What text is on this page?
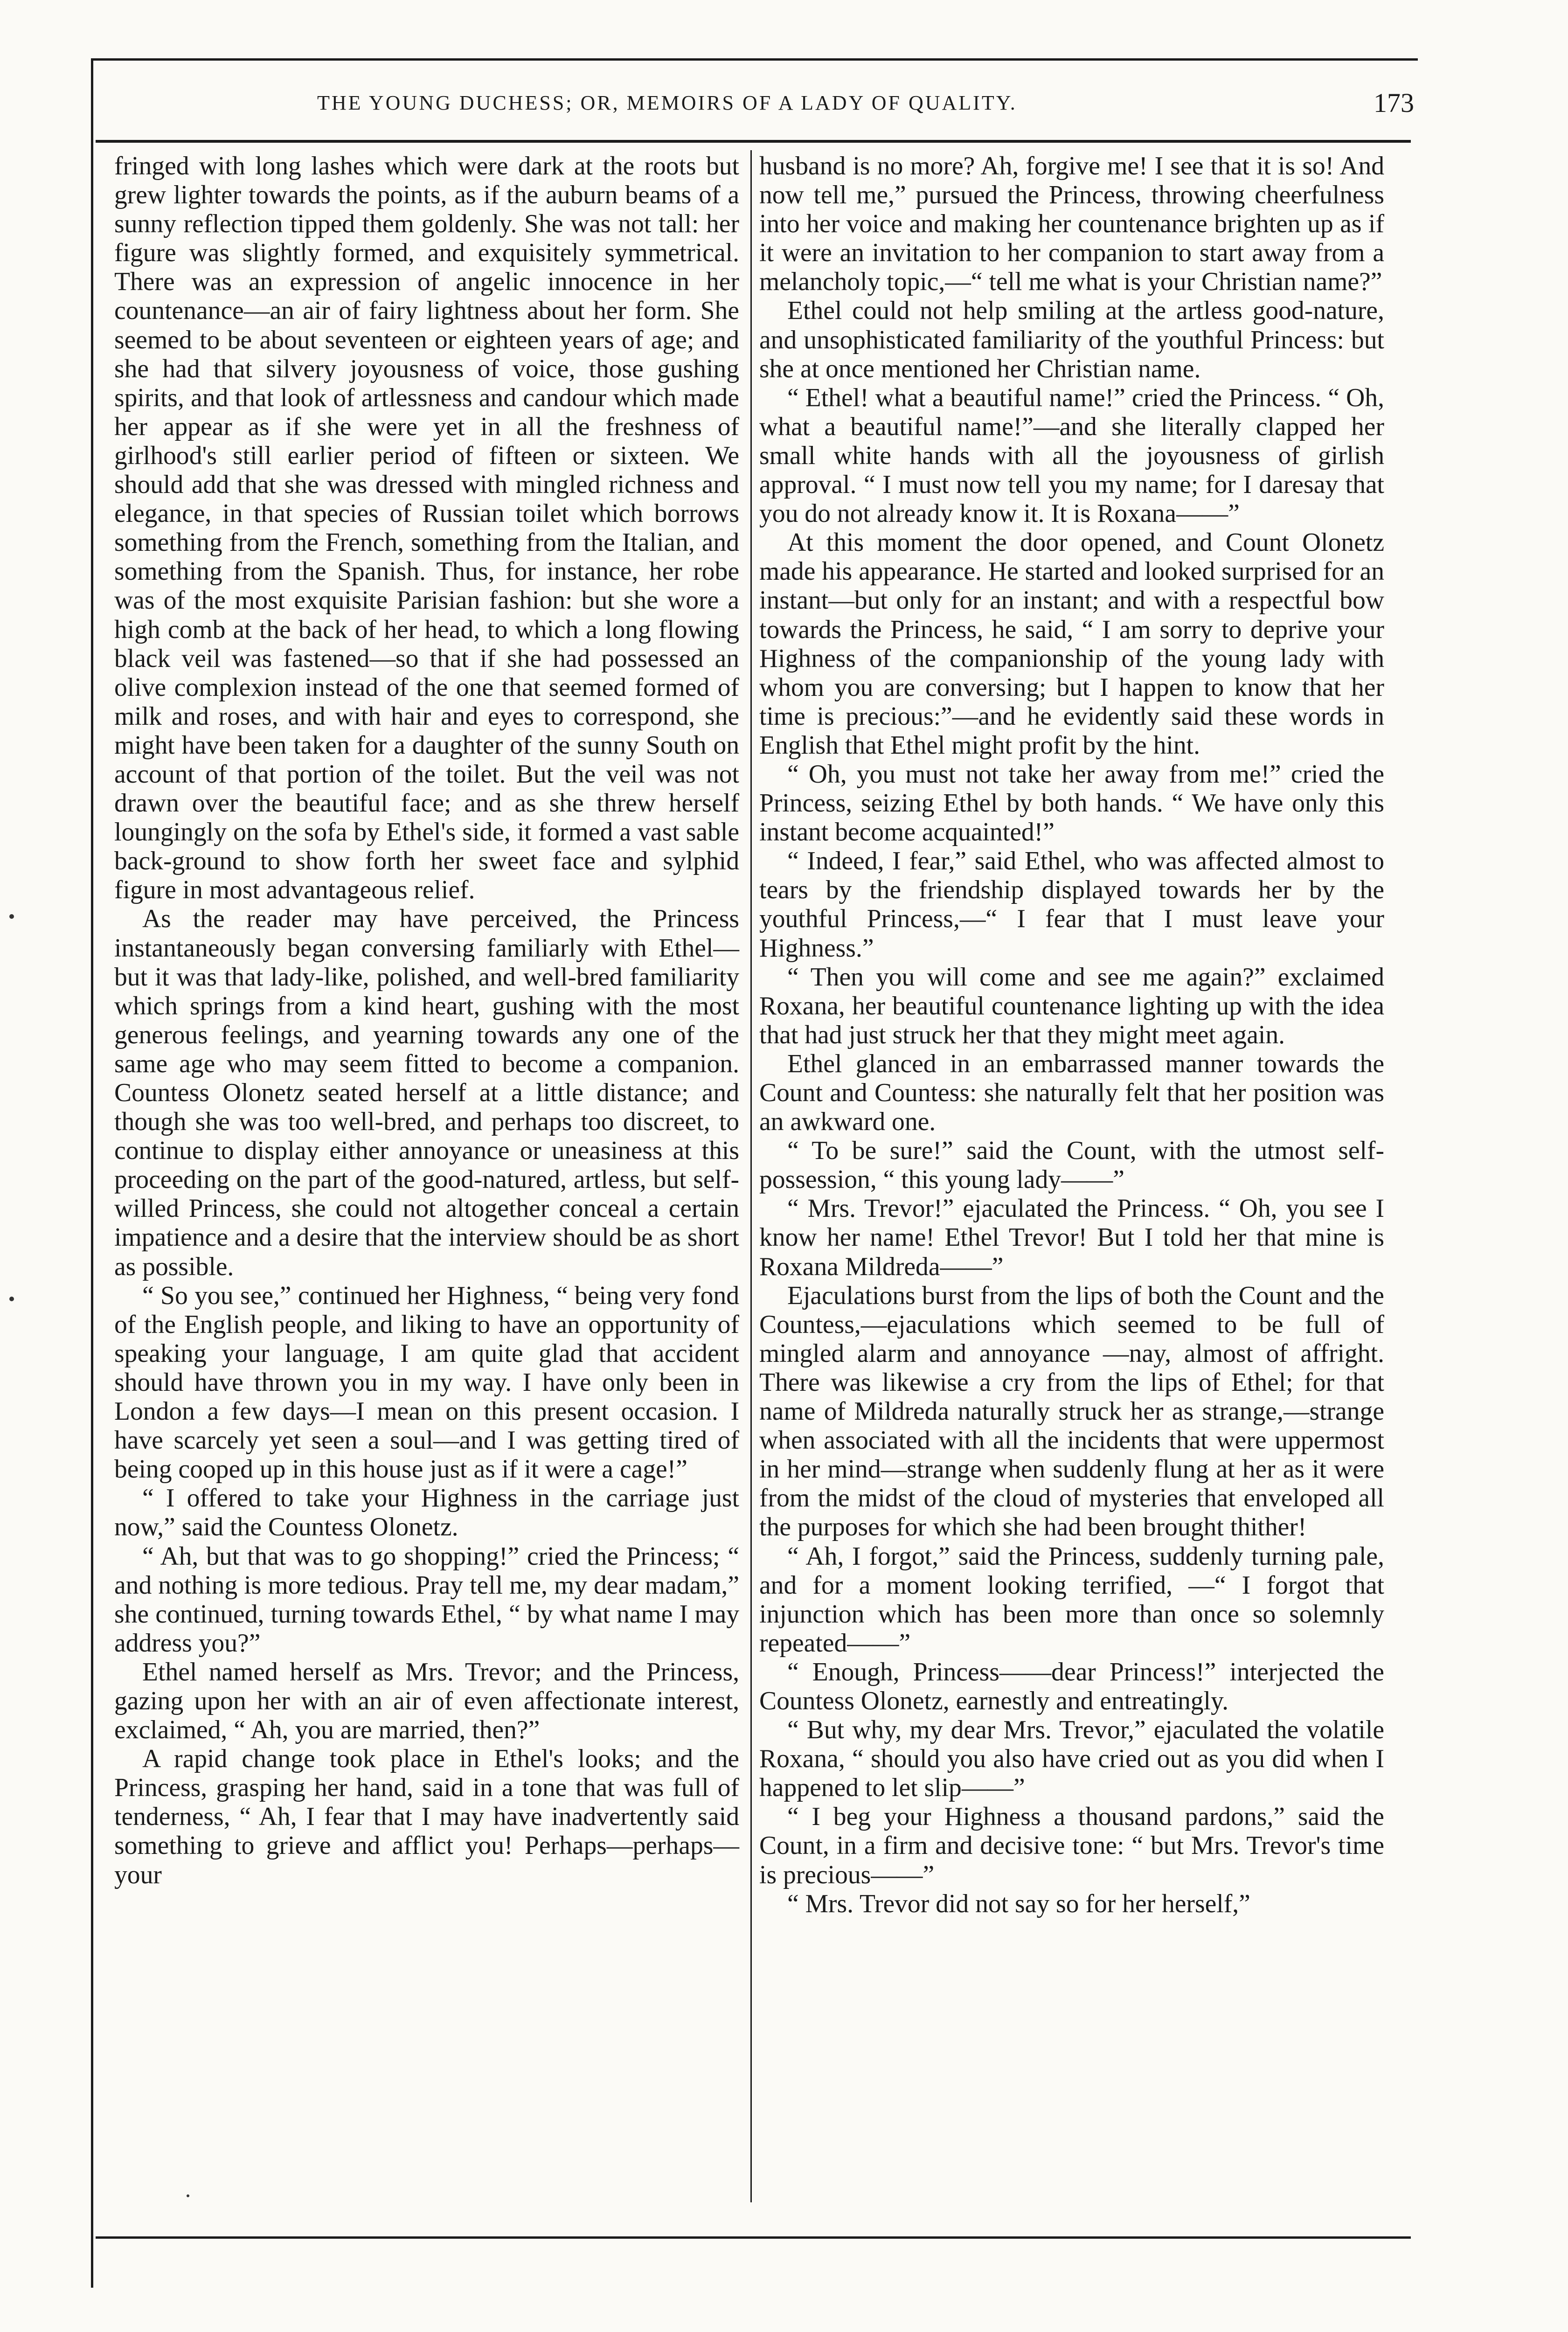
THE YOUNG DUCHESS; OR, MEMOIRS OF A LADY OF QUALITY.	173

fringed with long lashes which were dark at the roots but grew lighter towards the points, as if the auburn beams of a sunny reflection tipped them goldenly. She was not tall: her figure was slightly formed, and exquisitely symmetrical. There was an expression of angelic innocence in her countenance—an air of fairy lightness about her form. She seemed to be about seventeen or eighteen years of age; and she had that silvery joyousness of voice, those gushing spirits, and that look of artlessness and candour which made her appear as if she were yet in all the freshness of girlhood's still earlier period of fifteen or sixteen. We should add that she was dressed with mingled richness and elegance, in that species of Russian toilet which borrows something from the French, something from the Italian, and something from the Spanish. Thus, for instance, her robe was of the most exquisite Parisian fashion: but she wore a high comb at the back of her head, to which a long flowing black veil was fastened—so that if she had possessed an olive complexion instead of the one that seemed formed of milk and roses, and with hair and eyes to correspond, she might have been taken for a daughter of the sunny South on account of that portion of the toilet. But the veil was not drawn over the beautiful face; and as she threw herself loungingly on the sofa by Ethel's side, it formed a vast sable back-ground to show forth her sweet face and sylphid figure in most advantageous relief.

As the reader may have perceived, the Princess instantaneously began conversing familiarly with Ethel—but it was that lady-like, polished, and well-bred familiarity which springs from a kind heart, gushing with the most generous feelings, and yearning towards any one of the same age who may seem fitted to become a companion. Countess Olonetz seated herself at a little distance; and though she was too well-bred, and perhaps too discreet, to continue to display either annoyance or uneasiness at this proceeding on the part of the good-natured, artless, but self-willed Princess, she could not altogether conceal a certain impatience and a desire that the interview should be as short as possible.

“ So you see,” continued her Highness, “ being very fond of the English people, and liking to have an opportunity of speaking your language, I am quite glad that accident should have thrown you in my way. I have only been in London a few days—I mean on this present occasion. I have scarcely yet seen a soul—and I was getting tired of being cooped up in this house just as if it were a cage!”

“ I offered to take your Highness in the carriage just now,” said the Countess Olonetz.

“ Ah, but that was to go shopping!” cried the Princess; “ and nothing is more tedious. Pray tell me, my dear madam,” she continued, turning towards Ethel, “ by what name I may address you?”

Ethel named herself as Mrs. Trevor; and the Princess, gazing upon her with an air of even affectionate interest, exclaimed, “ Ah, you are married, then?”

A rapid change took place in Ethel's looks; and the Princess, grasping her hand, said in a tone that was full of tenderness, “ Ah, I fear that I may have inadvertently said something to grieve and afflict you! Perhaps—perhaps—your

husband is no more? Ah, forgive me! I see that it is so! And now tell me,” pursued the Princess, throwing cheerfulness into her voice and making her countenance brighten up as if it were an invitation to her companion to start away from a melancholy topic,—“ tell me what is your Christian name?”

Ethel could not help smiling at the artless good-nature, and unsophisticated familiarity of the youthful Princess: but she at once mentioned her Christian name.

“ Ethel! what a beautiful name!” cried the Princess. “ Oh, what a beautiful name!”—and she literally clapped her small white hands with all the joyousness of girlish approval. “ I must now tell you my name; for I daresay that you do not already know it. It is Roxana——”

At this moment the door opened, and Count Olonetz made his appearance. He started and looked surprised for an instant—but only for an instant; and with a respectful bow towards the Princess, he said, “ I am sorry to deprive your Highness of the companionship of the young lady with whom you are conversing; but I happen to know that her time is precious:”—and he evidently said these words in English that Ethel might profit by the hint.

“ Oh, you must not take her away from me!” cried the Princess, seizing Ethel by both hands. “ We have only this instant become acquainted!”

“ Indeed, I fear,” said Ethel, who was affected almost to tears by the friendship displayed towards her by the youthful Princess,—“ I fear that I must leave your Highness.”

“ Then you will come and see me again?” exclaimed Roxana, her beautiful countenance lighting up with the idea that had just struck her that they might meet again.

Ethel glanced in an embarrassed manner towards the Count and Countess: she naturally felt that her position was an awkward one.

“ To be sure!” said the Count, with the utmost self-possession, “ this young lady——”

“ Mrs. Trevor!” ejaculated the Princess. “ Oh, you see I know her name! Ethel Trevor! But I told her that mine is Roxana Mildreda——”

Ejaculations burst from the lips of both the Count and the Countess,—ejaculations which seemed to be full of mingled alarm and annoyance —nay, almost of affright. There was likewise a cry from the lips of Ethel; for that name of Mildreda naturally struck her as strange,—strange when associated with all the incidents that were uppermost in her mind—strange when suddenly flung at her as it were from the midst of the cloud of mysteries that enveloped all the purposes for which she had been brought thither!

“ Ah, I forgot,” said the Princess, suddenly turning pale, and for a moment looking terrified, —“ I forgot that injunction which has been more than once so solemnly repeated——”

“ Enough, Princess——dear Princess!” interjected the Countess Olonetz, earnestly and entreatingly.

“ But why, my dear Mrs. Trevor,” ejaculated the volatile Roxana, “ should you also have cried out as you did when I happened to let slip——”

“ I beg your Highness a thousand pardons,” said the Count, in a firm and decisive tone: “ but Mrs. Trevor's time is precious——”

“ Mrs. Trevor did not say so for her herself,”
